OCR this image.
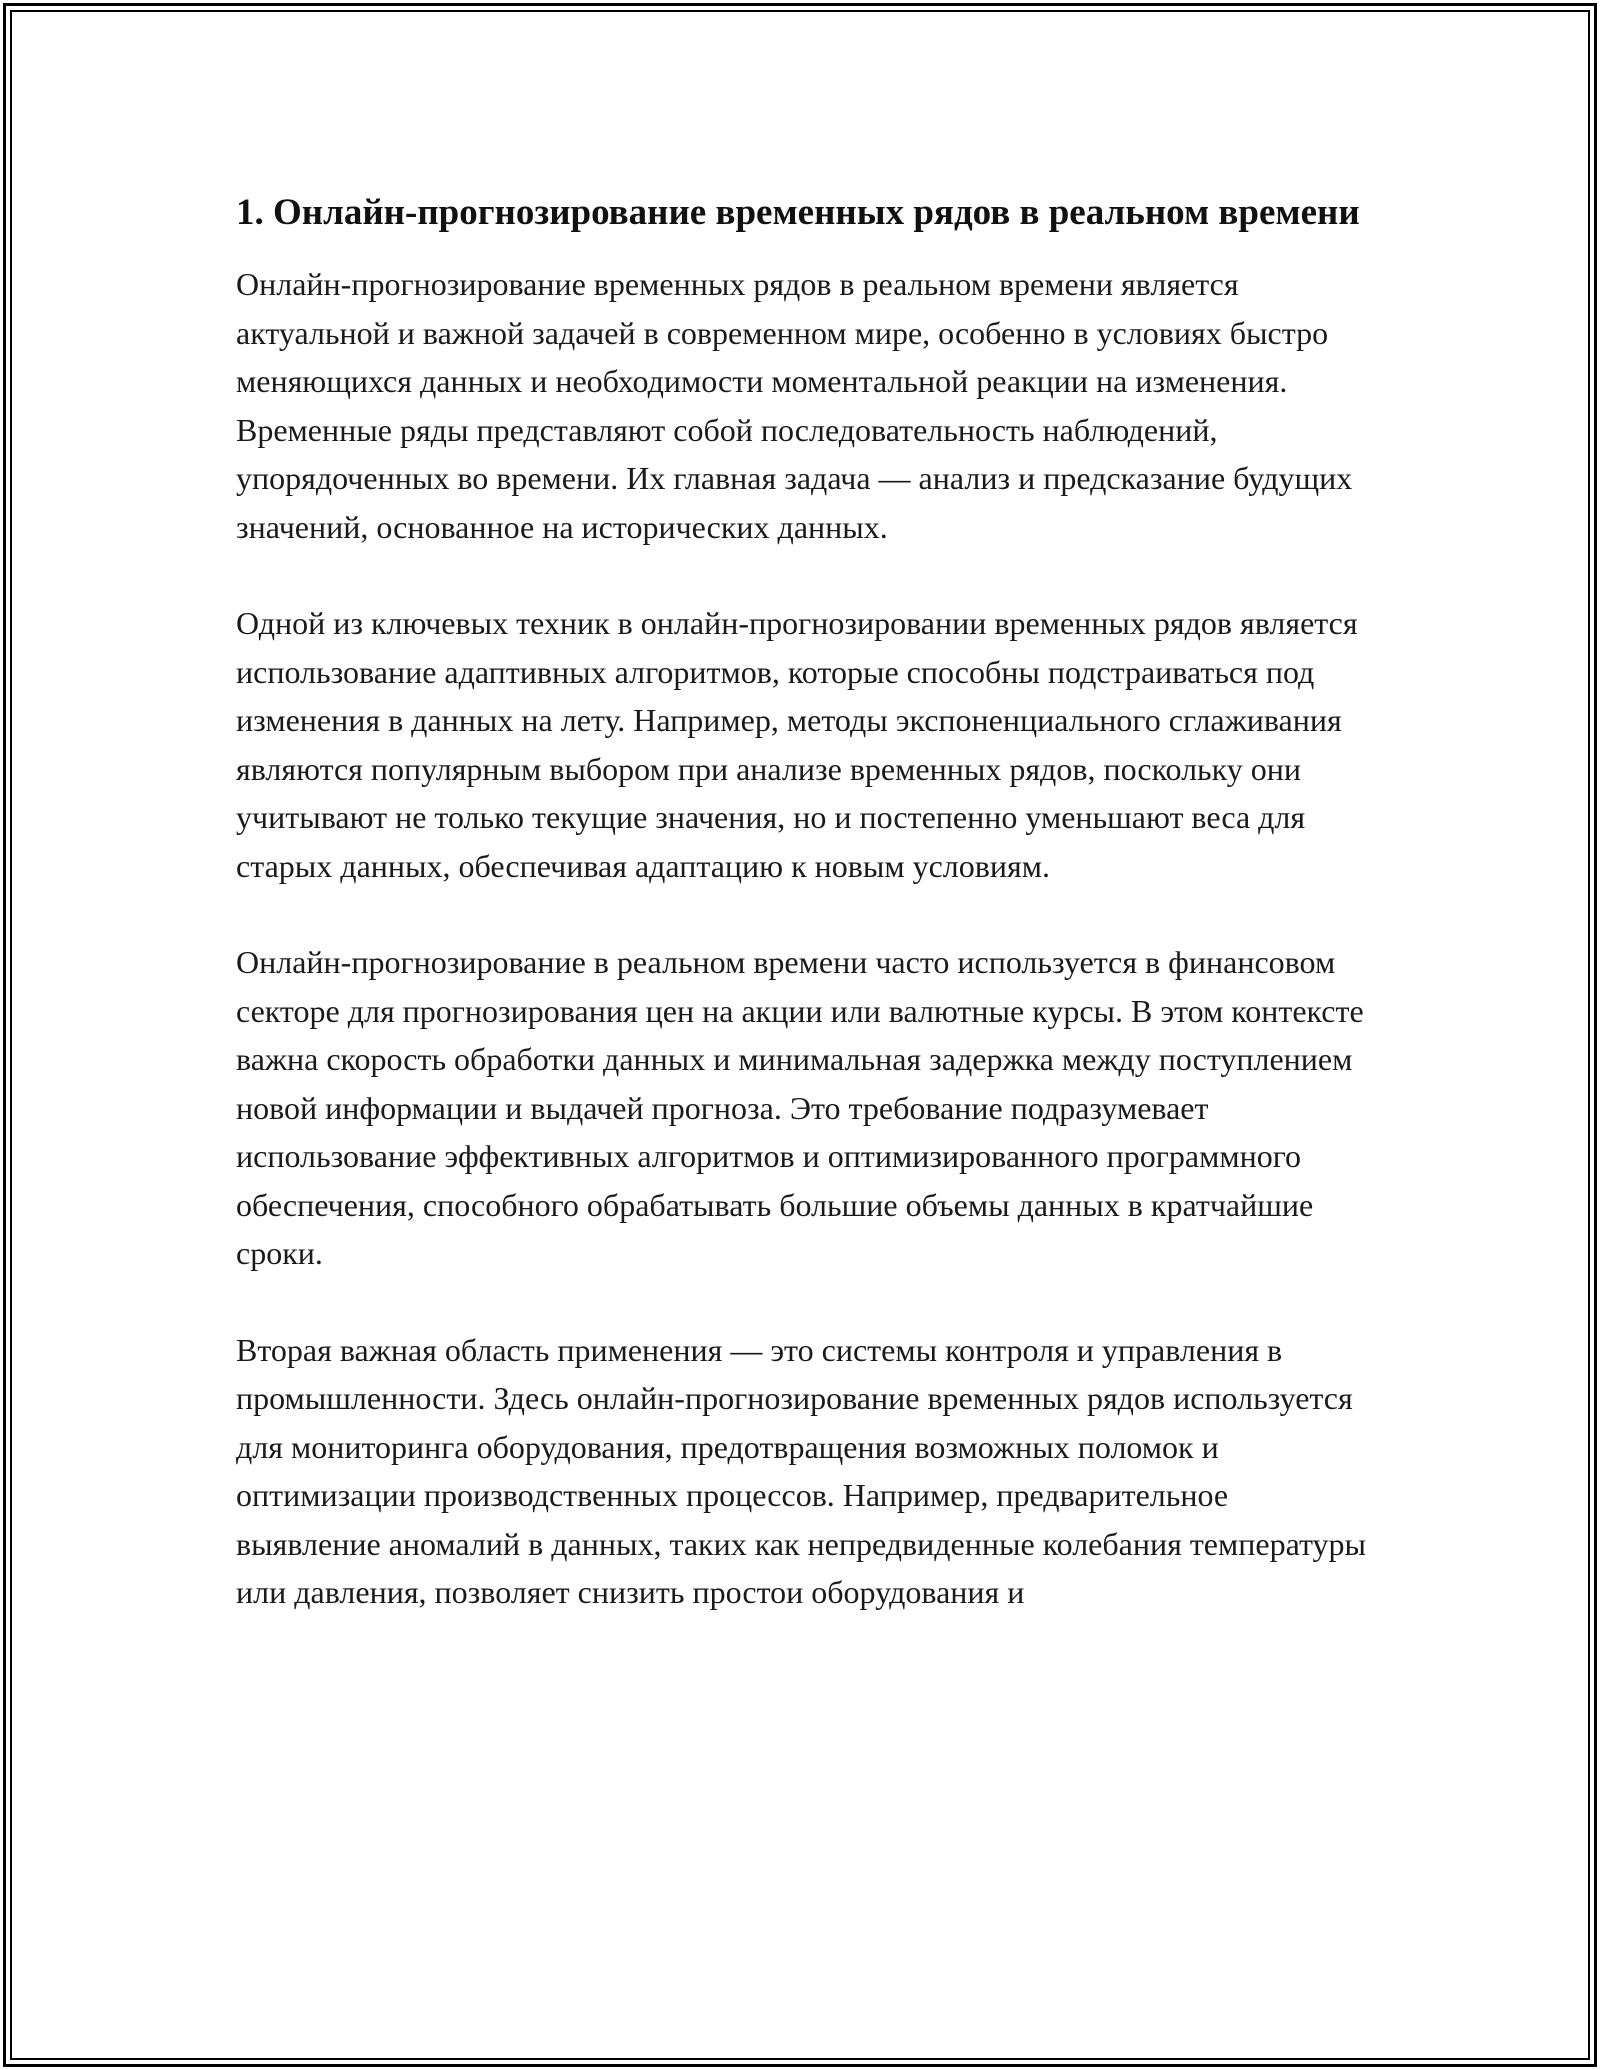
1. Онлайн-прогнозирование временных рядов в реальном времени

Онлайн-прогнозирование временных рядов в реальном времени является актуальной и важной задачей в современном мире, особенно в условиях быстро меняющихся данных и необходимости моментальной реакции на изменения. Временные ряды представляют собой последовательность наблюдений, упорядоченных во времени. Их главная задача — анализ и предсказание будущих значений, основанное на исторических данных.

Одной из ключевых техник в онлайн-прогнозировании временных рядов является использование адаптивных алгоритмов, которые способны подстраиваться под изменения в данных на лету. Например, методы экспоненциального сглаживания являются популярным выбором при анализе временных рядов, поскольку они учитывают не только текущие значения, но и постепенно уменьшают веса для старых данных, обеспечивая адаптацию к новым условиям.

Онлайн-прогнозирование в реальном времени часто используется в финансовом секторе для прогнозирования цен на акции или валютные курсы. В этом контексте важна скорость обработки данных и минимальная задержка между поступлением новой информации и выдачей прогноза. Это требование подразумевает использование эффективных алгоритмов и оптимизированного программного обеспечения, способного обрабатывать большие объемы данных в кратчайшие сроки.

Вторая важная область применения — это системы контроля и управления в промышленности. Здесь онлайн-прогнозирование временных рядов используется для мониторинга оборудования, предотвращения возможных поломок и оптимизации производственных процессов. Например, предварительное выявление аномалий в данных, таких как непредвиденные колебания температуры или давления, позволяет снизить простои оборудования и
